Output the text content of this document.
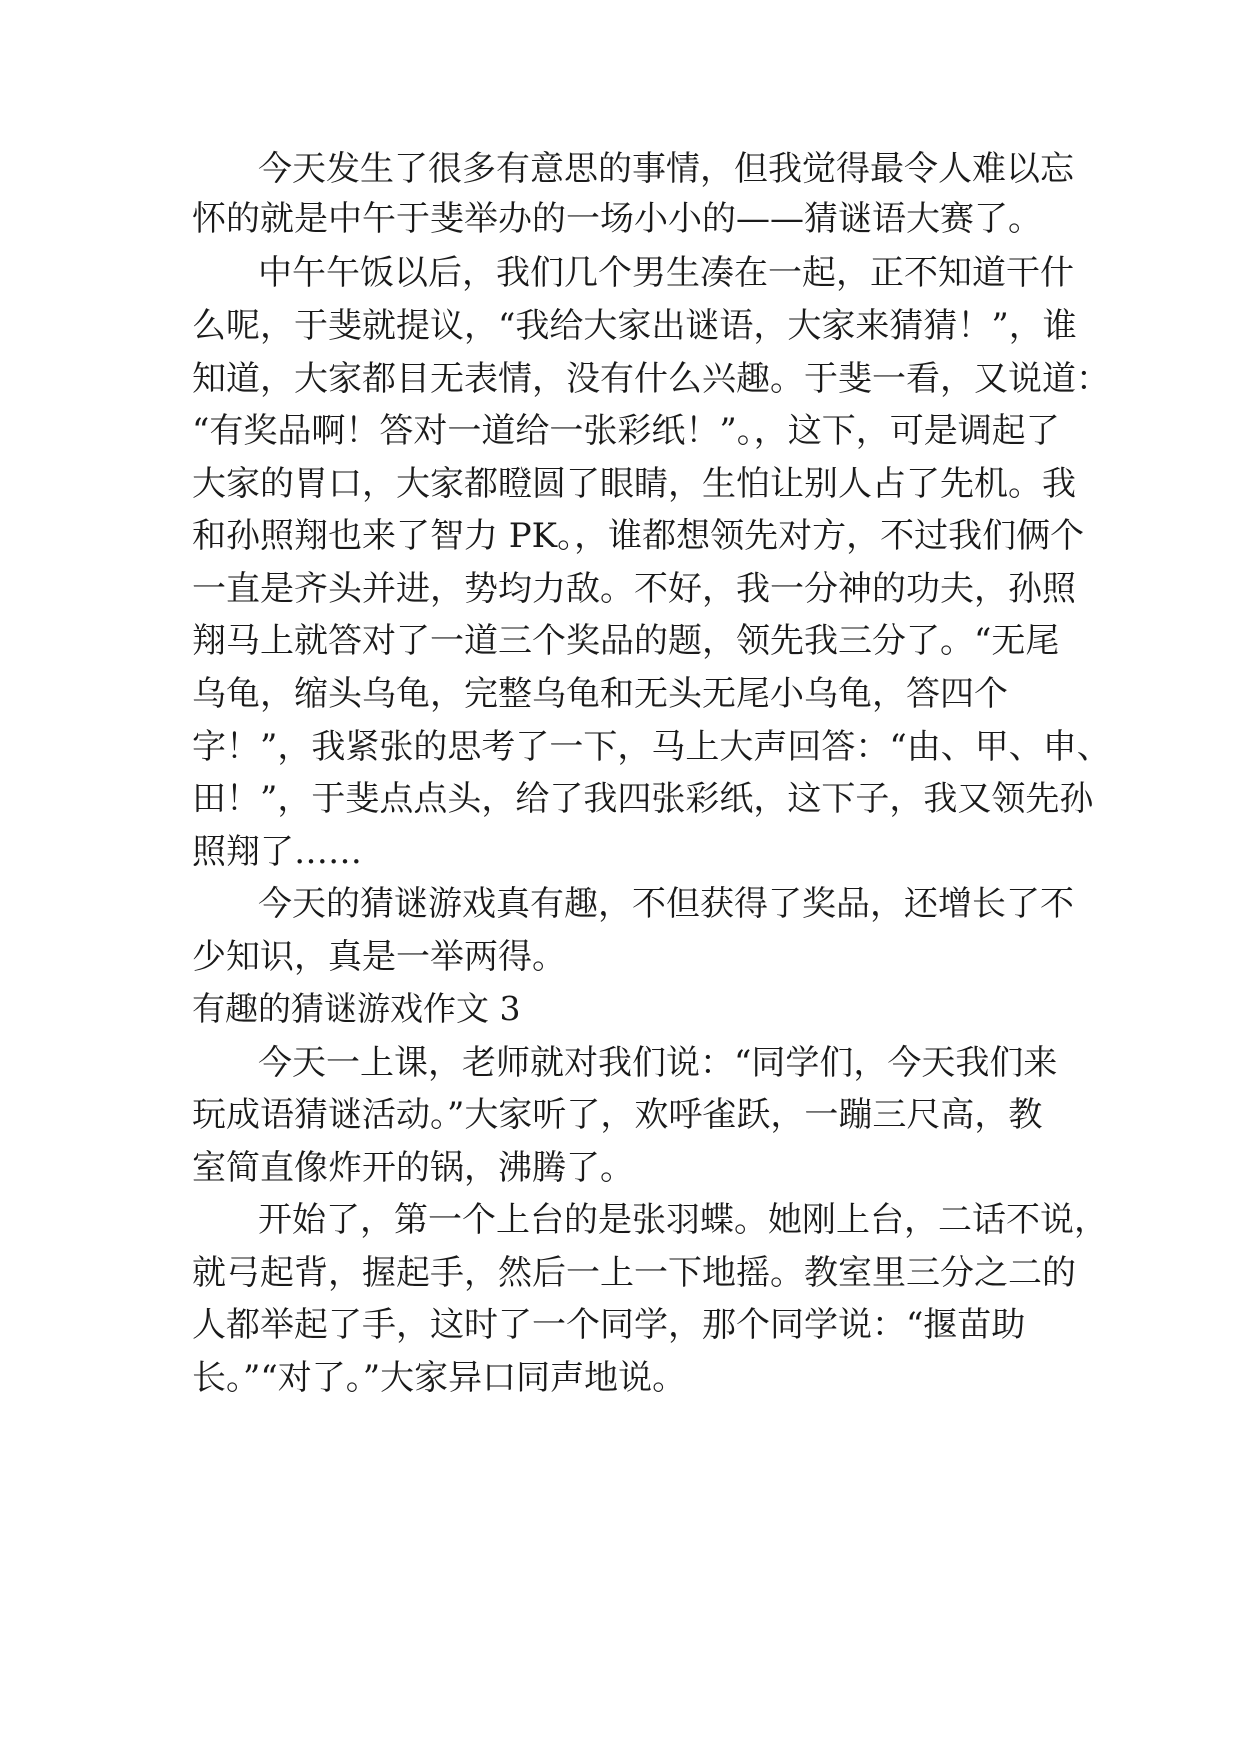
今天发生了很多有意思的事情，但我觉得最令人难以忘
怀的就是中午于斐举办的一场小小的——猜谜语大赛了。
中午午饭以后，我们几个男生凑在一起，正不知道干什
么呢，于斐就提议，“我给大家出谜语，大家来猜猜！”，谁
知道，大家都目无表情，没有什么兴趣。于斐一看，又说道：
“有奖品啊！答对一道给一张彩纸！”。，这下，可是调起了
大家的胃口，大家都瞪圆了眼睛，生怕让别人占了先机。我
和孙照翔也来了智力 PK。，谁都想领先对方，不过我们俩个
一直是齐头并进，势均力敌。不好，我一分神的功夫，孙照
翔马上就答对了一道三个奖品的题，领先我三分了。“无尾
乌龟，缩头乌龟，完整乌龟和无头无尾小乌龟，答四个
字！”，我紧张的思考了一下，马上大声回答：“由、甲、申、
田！”，于斐点点头，给了我四张彩纸，这下子，我又领先孙
照翔了……
今天的猜谜游戏真有趣，不但获得了奖品，还增长了不
少知识，真是一举两得。
有趣的猜谜游戏作文 3
今天一上课，老师就对我们说：“同学们，今天我们来
玩成语猜谜活动。”大家听了，欢呼雀跃，一蹦三尺高，教
室简直像炸开的锅，沸腾了。
开始了，第一个上台的是张羽蝶。她刚上台，二话不说，
就弓起背，握起手，然后一上一下地摇。教室里三分之二的
人都举起了手，这时了一个同学，那个同学说：“揠苗助
长。”“对了。”大家异口同声地说。
